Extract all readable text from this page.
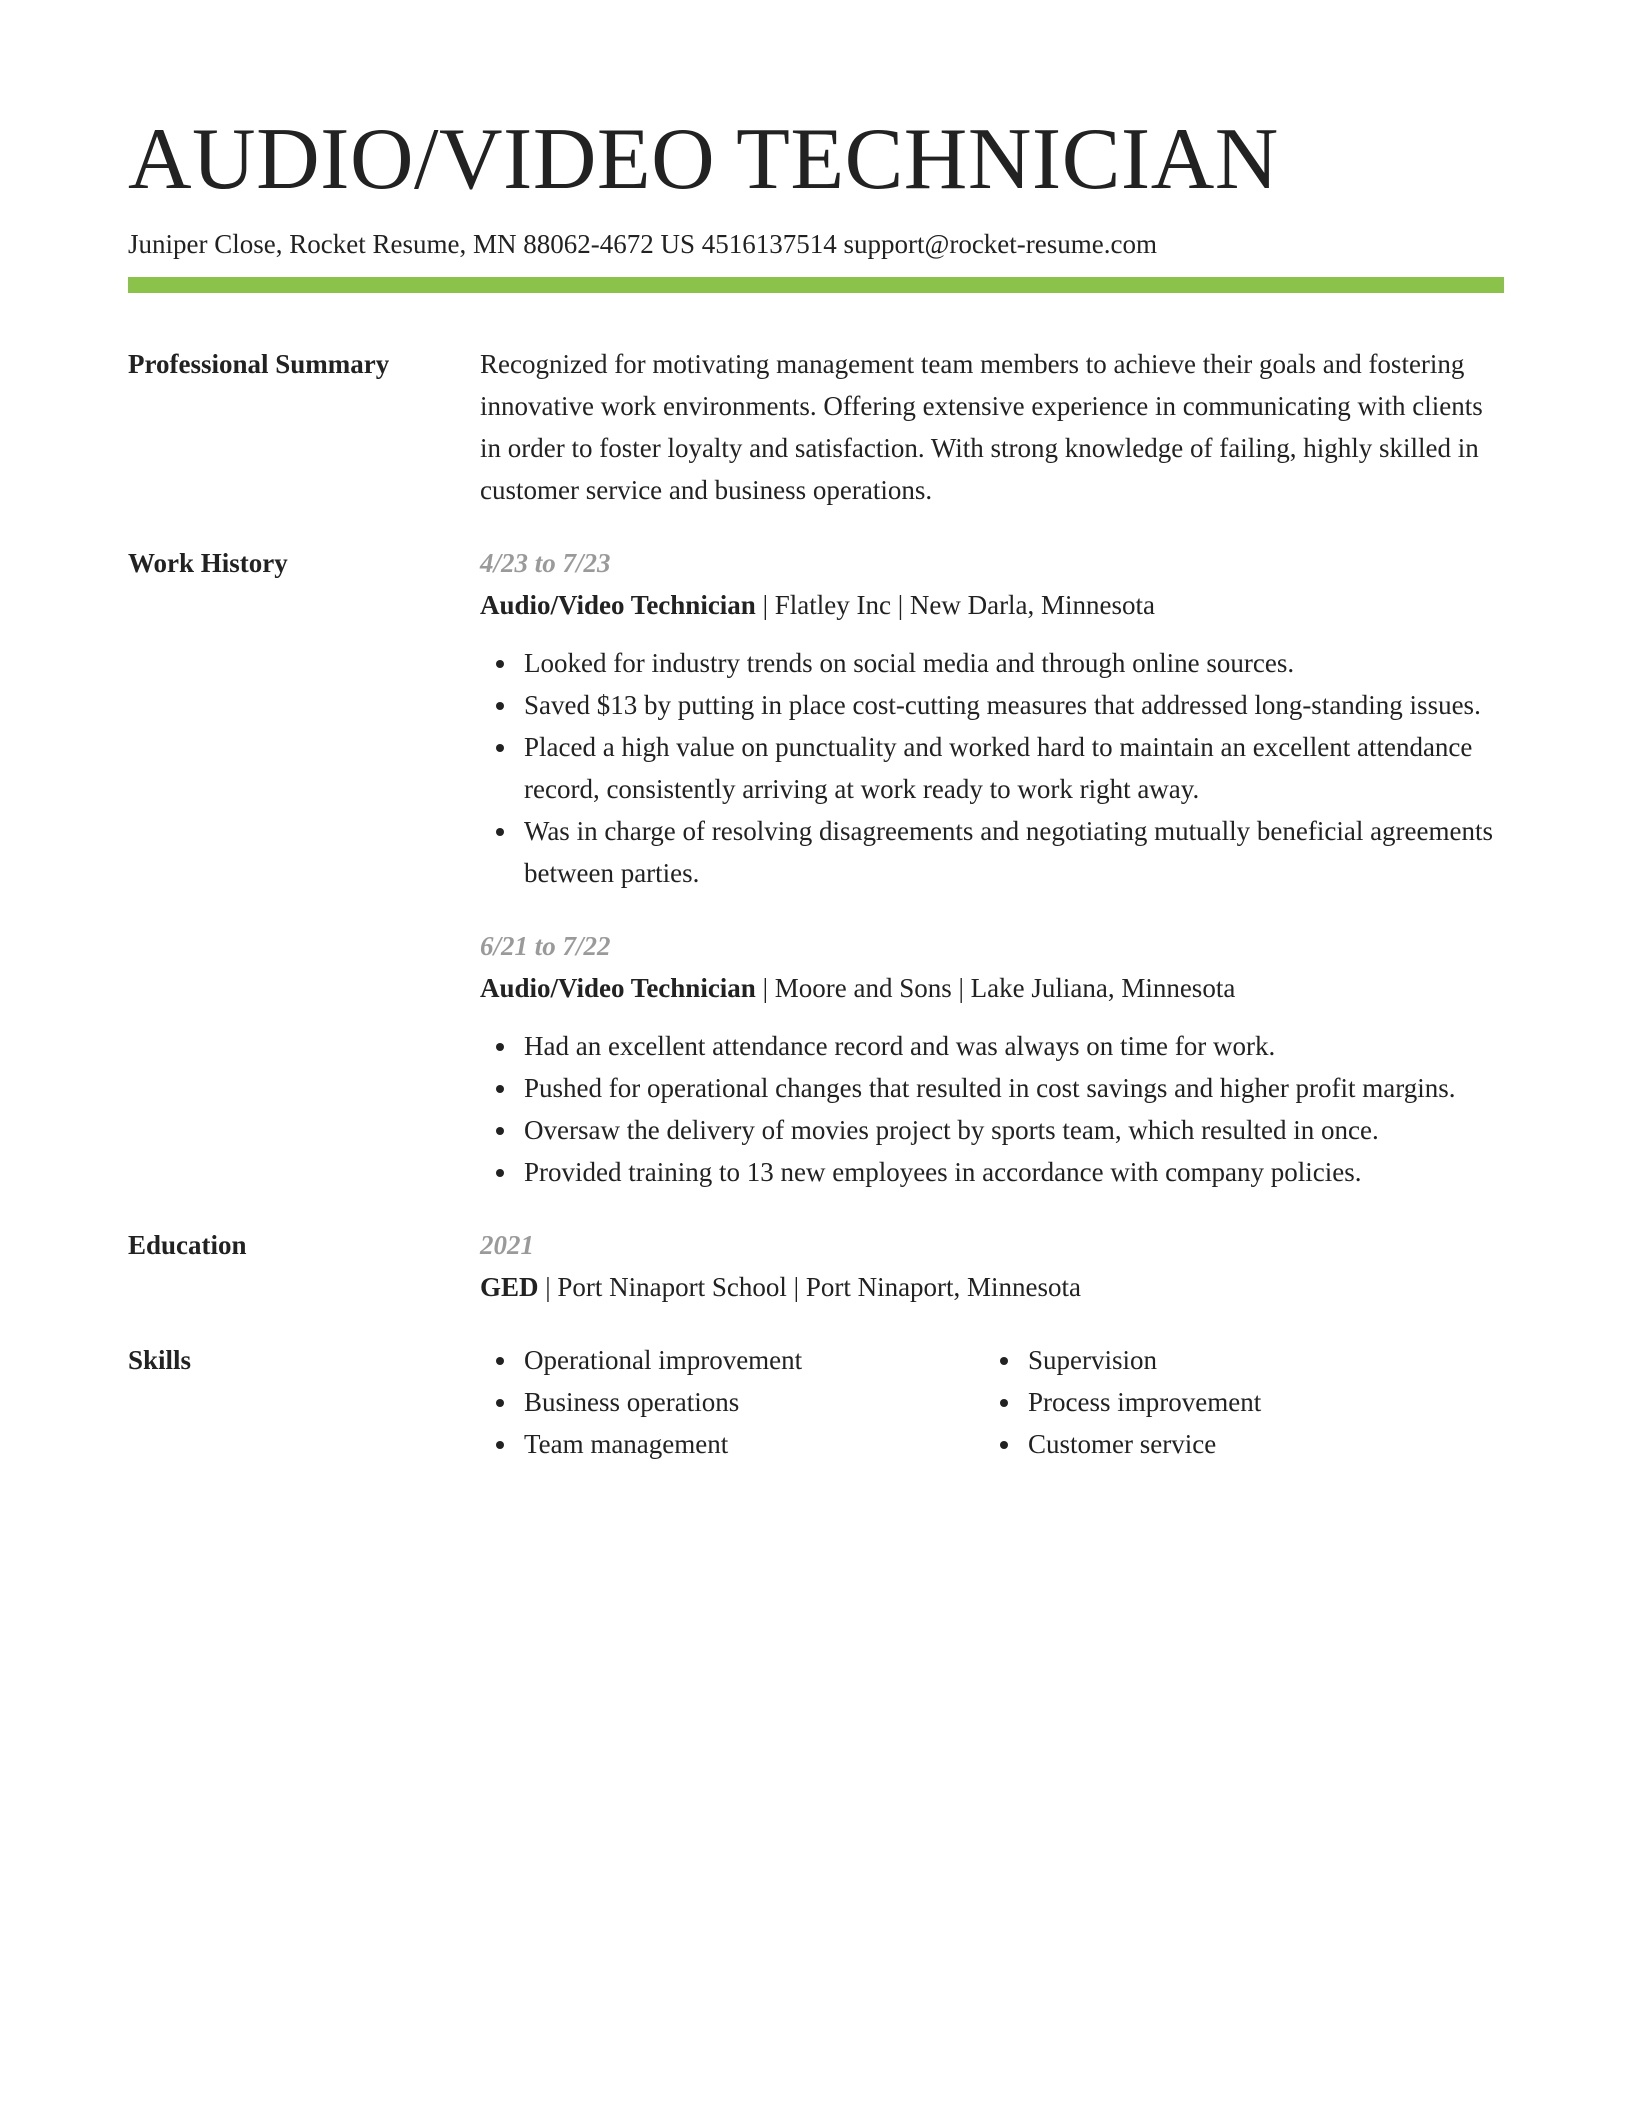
AUDIO/VIDEO TECHNICIAN
Juniper Close, Rocket Resume, MN 88062-4672 US 4516137514 support@rocket-resume.com
Professional Summary	Recognized for motivating management team members to achieve their goals and fostering innovative work environments. Offering extensive experience in communicating with clients in order to foster loyalty and satisfaction. With strong knowledge of failing, highly skilled in customer service and business operations.
Work History	4/23 to 7/23
Audio/Video Technician | Flatley Inc | New Darla, Minnesota
Looked for industry trends on social media and through online sources.
Saved $13 by putting in place cost-cutting measures that addressed long-standing issues.
Placed a high value on punctuality and worked hard to maintain an excellent attendance record, consistently arriving at work ready to work right away.
Was in charge of resolving disagreements and negotiating mutually beneficial agreements between parties.
6/21 to 7/22
Audio/Video Technician | Moore and Sons | Lake Juliana, Minnesota
Had an excellent attendance record and was always on time for work.
Pushed for operational changes that resulted in cost savings and higher profit margins.
Oversaw the delivery of movies project by sports team, which resulted in once.
Provided training to 13 new employees in accordance with company policies.
Education	2021
GED | Port Ninaport School | Port Ninaport, Minnesota
Skills	Operational improvement
Business operations
Team management
Supervision
Process improvement
Customer service
